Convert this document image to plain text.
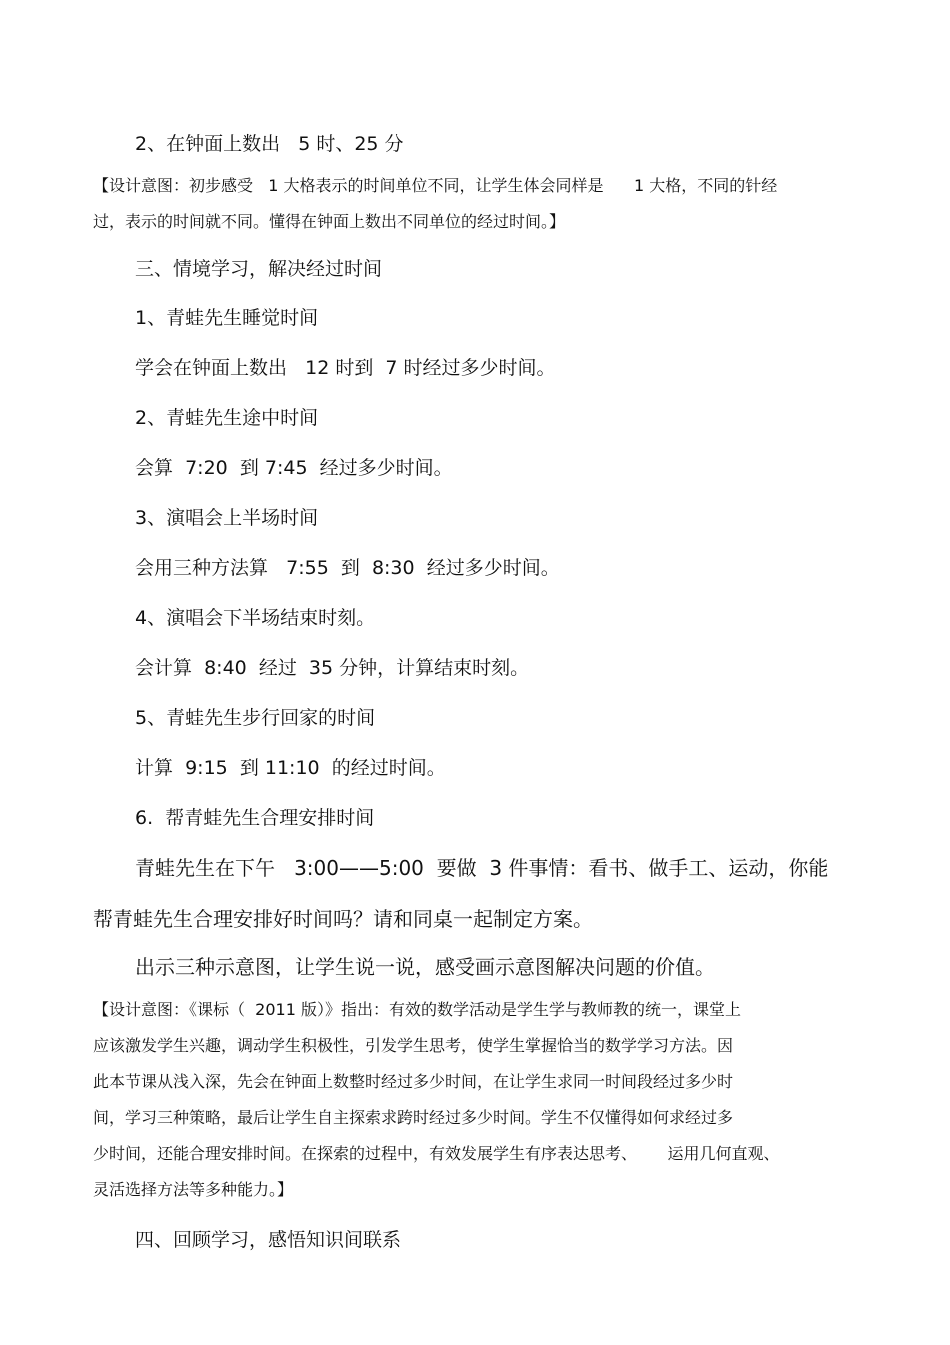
2、在钟面上数出   5 时、25 分

【设计意图：初步感受   1 大格表示的时间单位不同，让学生体会同样是      1 大格，不同的针经

过，表示的时间就不同。懂得在钟面上数出不同单位的经过时间。】

三、情境学习，解决经过时间

1、青蛙先生睡觉时间

学会在钟面上数出   12 时到  7 时经过多少时间。

2、青蛙先生途中时间

会算  7:20  到 7:45  经过多少时间。

3、演唱会上半场时间

会用三种方法算   7:55  到  8:30  经过多少时间。

4、演唱会下半场结束时刻。

会计算  8:40  经过  35 分钟，计算结束时刻。

5、青蛙先生步行回家的时间

计算  9:15  到 11:10  的经过时间。

6.  帮青蛙先生合理安排时间

青蛙先生在下午   3:00——5:00  要做  3 件事情：看书、做手工、运动，你能

帮青蛙先生合理安排好时间吗？请和同桌一起制定方案。

出示三种示意图，让学生说一说，感受画示意图解决问题的价值。

【设计意图：《课标（  2011 版）》指出：有效的数学活动是学生学与教师教的统一，课堂上

应该激发学生兴趣，调动学生积极性，引发学生思考，使学生掌握恰当的数学学习方法。因

此本节课从浅入深，先会在钟面上数整时经过多少时间，在让学生求同一时间段经过多少时

间，学习三种策略，最后让学生自主探索求跨时经过多少时间。学生不仅懂得如何求经过多

少时间，还能合理安排时间。在探索的过程中，有效发展学生有序表达思考、      运用几何直观、

灵活选择方法等多种能力。】

四、回顾学习，感悟知识间联系
